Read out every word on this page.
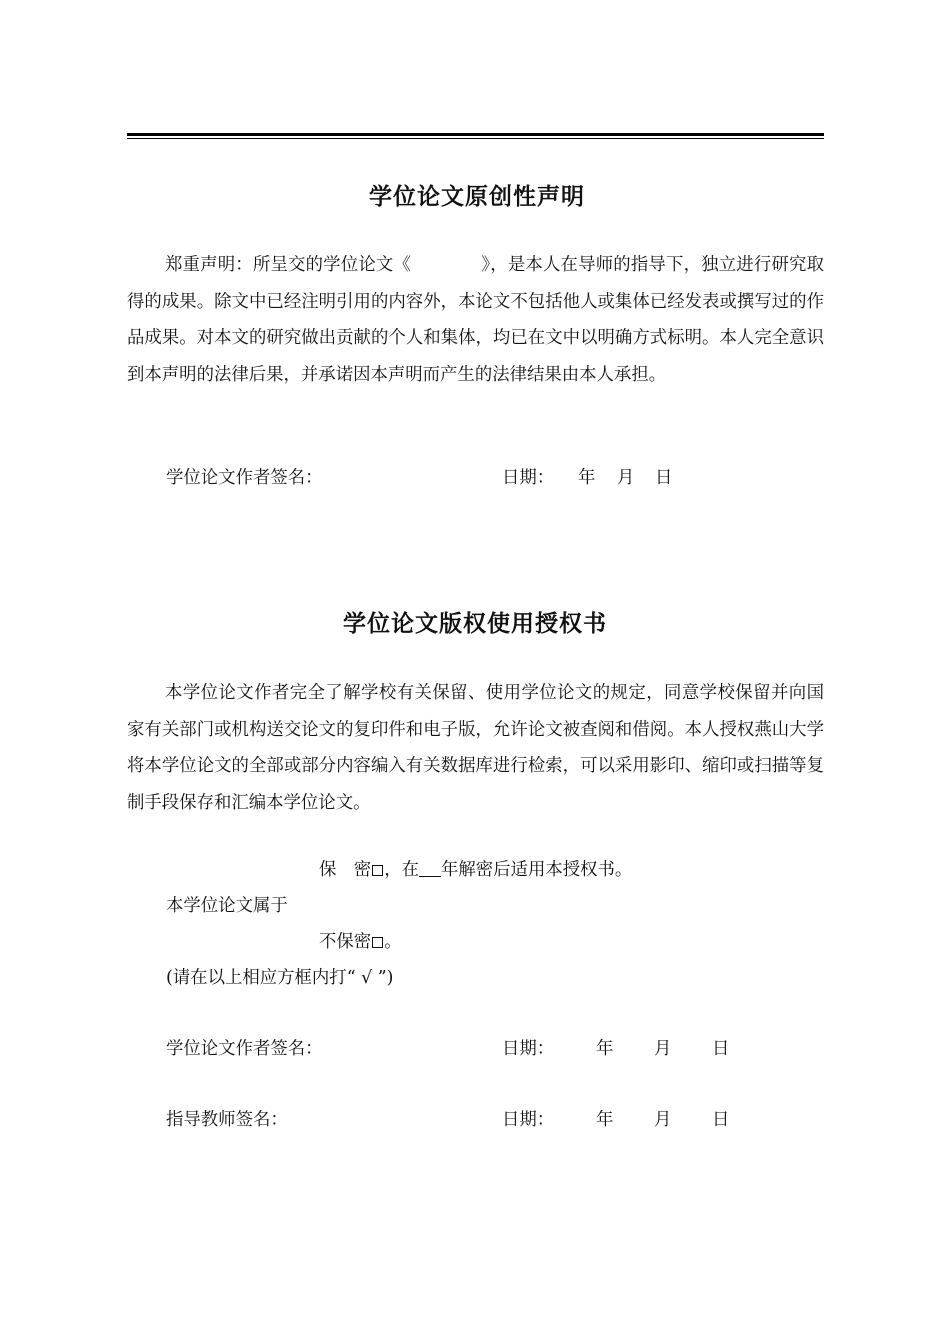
学位论文原创性声明

郑重声明：所呈交的学位论文《　　　　》，是本人在导师的指导下，独立进行研究取得的成果。除文中已经注明引用的内容外，本论文不包括他人或集体已经发表或撰写过的作品成果。对本文的研究做出贡献的个人和集体，均已在文中以明确方式标明。本人完全意识到本声明的法律后果，并承诺因本声明而产生的法律结果由本人承担。

学位论文作者签名：	日期： 年 月 日
学位论文版权使用授权书

本学位论文作者完全了解学校有关保留、使用学位论文的规定，同意学校保留并向国家有关部门或机构送交论文的复印件和电子版，允许论文被查阅和借阅。本人授权燕山大学将本学位论文的全部或部分内容编入有关数据库进行检索，可以采用影印、缩印或扫描等复制手段保存和汇编本学位论文。

保　密 ，在 年解密后适用本授权书。
本学位论文属于
不保密 。
(请在以上相应方框内打“ √ ”)
学位论文作者签名：	日期： 年 月 日
指导教师签名：	日期： 年 月 日
